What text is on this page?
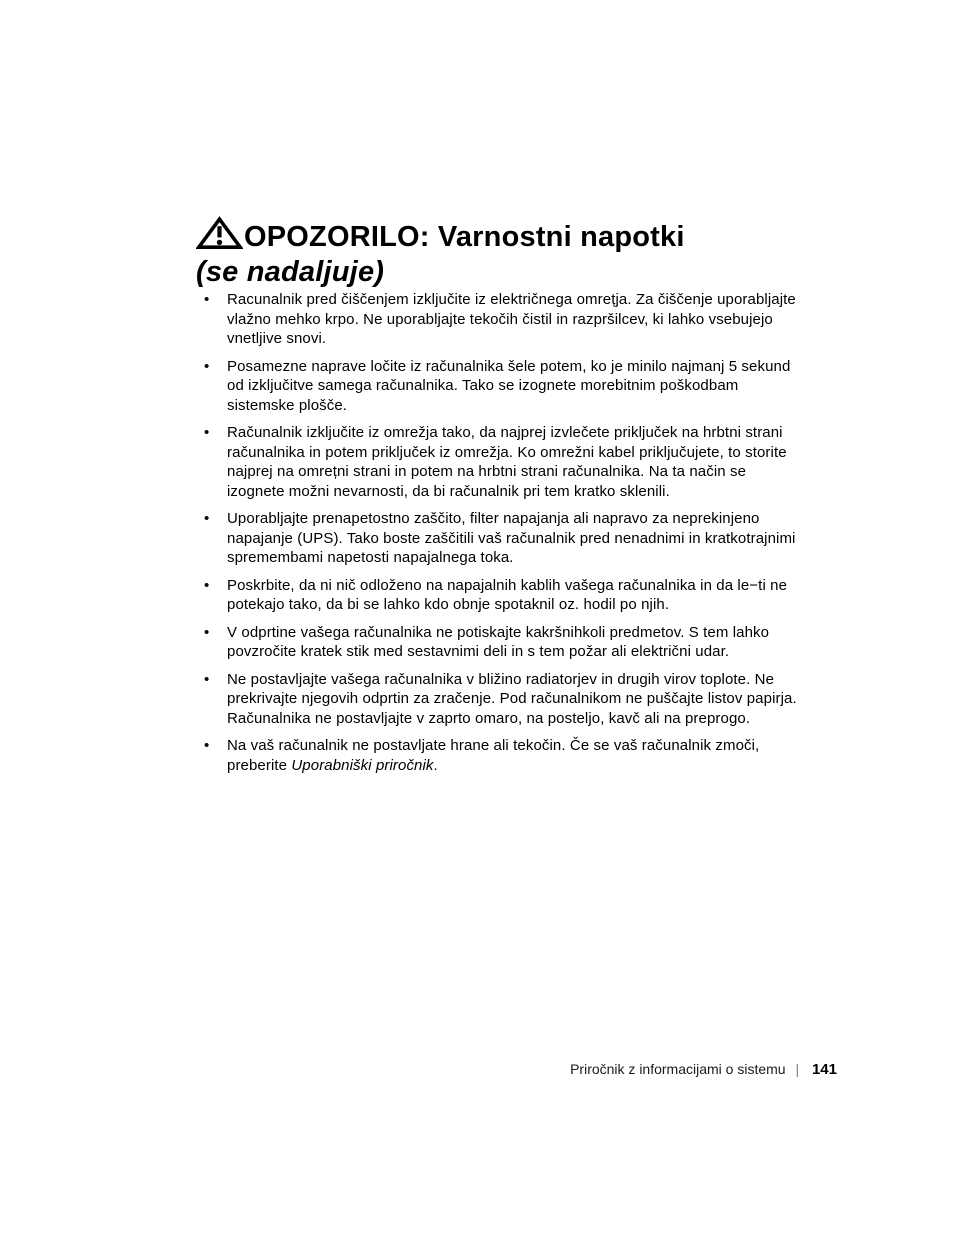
OPOZORILO: Varnostni napotki
(se nadaljuje)
• Racunalnik pred čiščenjem izključite iz električnega omrețja. Za čiščenje uporabljajte vlažno mehko krpo. Ne uporabljajte tekočih čistil in razpršilcev, ki lahko vsebujejo vnetljive snovi.
• Posamezne naprave ločite iz računalnika šele potem, ko je minilo najmanj 5 sekund od izključitve samega računalnika. Tako se izognete morebitnim poškodbam sistemske plošče.
• Računalnik izključite iz omrežja tako, da najprej izvlečete priključek na hrbtni strani računalnika in potem priključek iz omrežja. Ko omrežni kabel priključujete, to storite najprej na omrețni strani in potem na hrbtni strani računalnika. Na ta način se izognete možni nevarnosti, da bi računalnik pri tem kratko sklenili.
• Uporabljajte prenapetostno zaščito, filter napajanja ali napravo za neprekinjeno napajanje (UPS). Tako boste zaščitili vaš računalnik pred nenadnimi in kratkotrajnimi spremembami napetosti napajalnega toka.
• Poskrbite, da ni nič odloženo na napajalnih kablih vašega računalnika in da le−ti ne potekajo tako, da bi se lahko kdo obnje spotaknil oz. hodil po njih.
• V odprtine vašega računalnika ne potiskajte kakršnihkoli predmetov. S tem lahko povzročite kratek stik med sestavnimi deli in s tem požar ali električni udar.
• Ne postavljajte vašega računalnika v bližino radiatorjev in drugih virov toplote. Ne prekrivajte njegovih odprtin za zračenje. Pod računalnikom ne puščajte listov papirja. Računalnika ne postavljajte v zaprto omaro, na posteljo, kavč ali na preprogo.
• Na vaš računalnik ne postavljate hrane ali tekočin. Če se vaš računalnik zmoči, preberite Uporabniški priročnik.
Priročnik z informacijami o sistemu | 141
